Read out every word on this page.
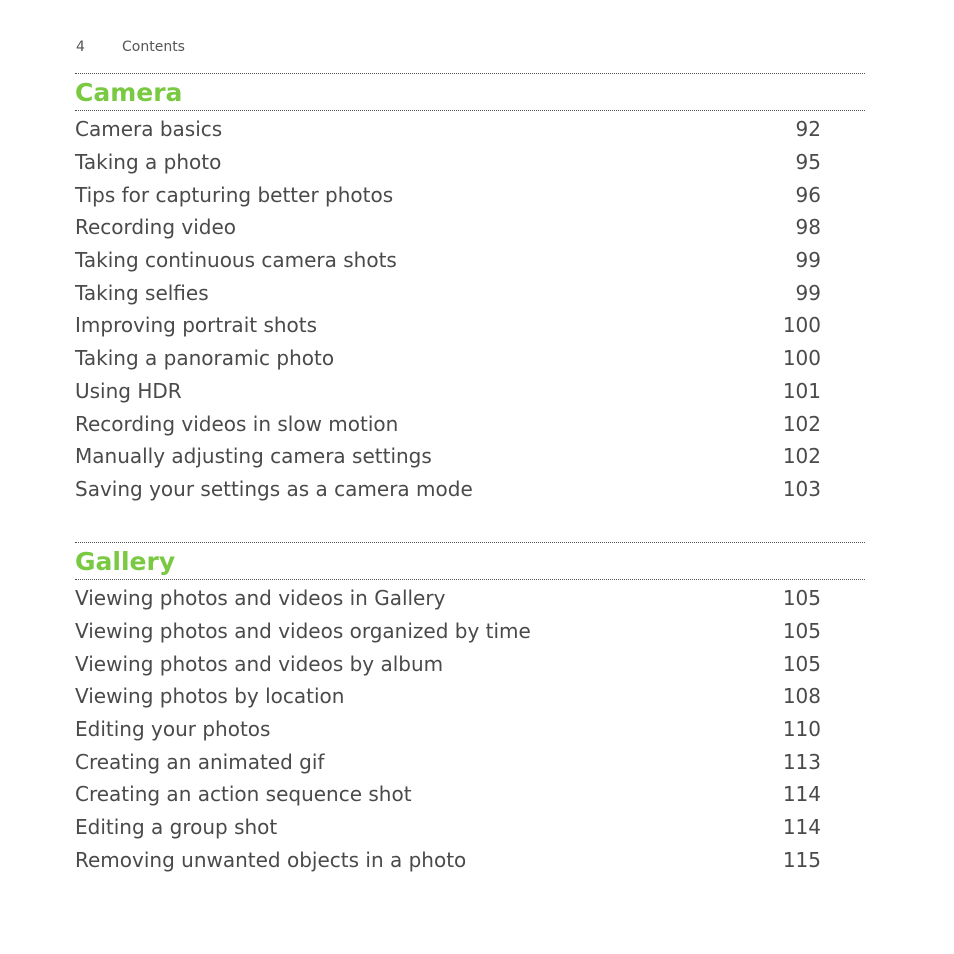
4	Contents
Camera
Camera basics	92
Taking a photo	95
Tips for capturing better photos	96
Recording video	98
Taking continuous camera shots	99
Taking selfies	99
Improving portrait shots	100
Taking a panoramic photo	100
Using HDR	101
Recording videos in slow motion	102
Manually adjusting camera settings	102
Saving your settings as a camera mode	103
Gallery
Viewing photos and videos in Gallery	105
Viewing photos and videos organized by time	105
Viewing photos and videos by album	105
Viewing photos by location	108
Editing your photos	110
Creating an animated gif	113
Creating an action sequence shot	114
Editing a group shot	114
Removing unwanted objects in a photo	115
